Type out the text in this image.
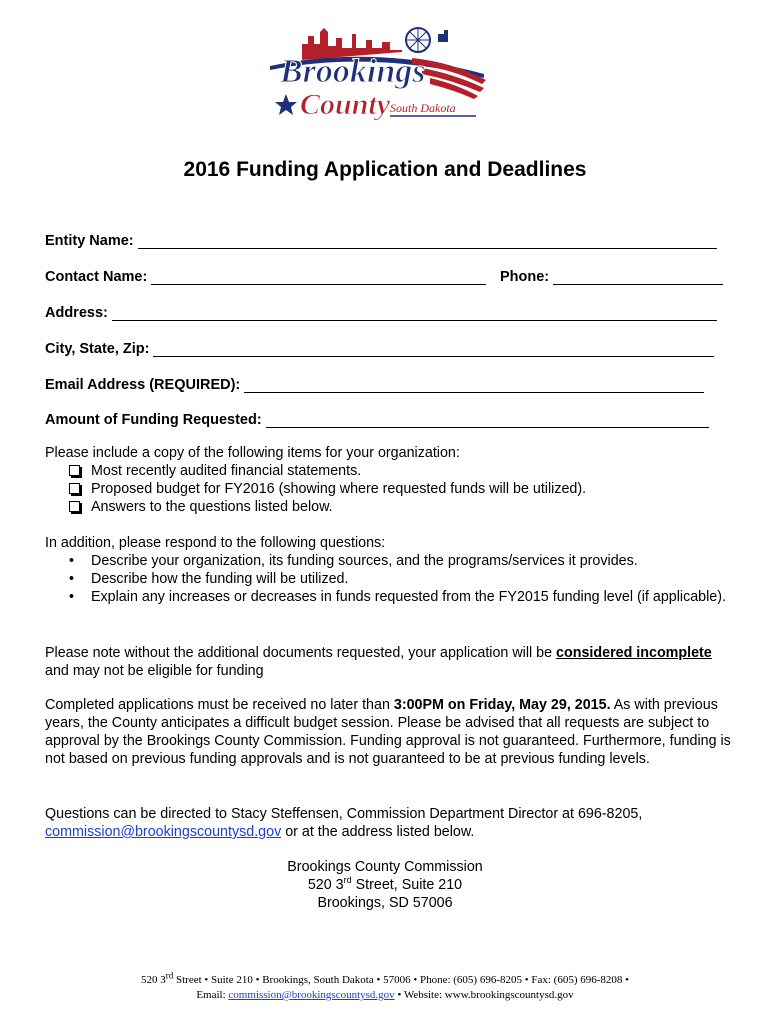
Brookings
County South Dakota
2016 Funding Application and Deadlines
Entity Name:
Contact Name:	Phone:
Address:
City, State, Zip:
Email Address (REQUIRED):
Amount of Funding Requested:

Please include a copy of the following items for your organization:

Most recently audited financial statements.
Proposed budget for FY2016 (showing where requested funds will be utilized).
Answers to the questions listed below.

In addition, please respond to the following questions:

• Describe your organization, its funding sources, and the programs/services it provides.
• Describe how the funding will be utilized.
• Explain any increases or decreases in funds requested from the FY2015 funding level (if applicable).

Please note without the additional documents requested, your application will be considered incomplete and may not be eligible for funding

Completed applications must be received no later than 3:00PM on Friday, May 29, 2015. As with previous years, the County anticipates a difficult budget session. Please be advised that all requests are subject to approval by the Brookings County Commission. Funding approval is not guaranteed. Furthermore, funding is not based on previous funding approvals and is not guaranteed to be at previous funding levels.

Questions can be directed to Stacy Steffensen, Commission Department Director at 696-8205, commission@brookingscountysd.gov or at the address listed below.

Brookings County Commission
520 3rd Street, Suite 210
Brookings, SD 57006
520 3rd Street • Suite 210 • Brookings, South Dakota • 57006 • Phone: (605) 696-8205 • Fax: (605) 696-8208 •
Email: commission@brookingscountysd.gov • Website: www.brookingscountysd.gov
